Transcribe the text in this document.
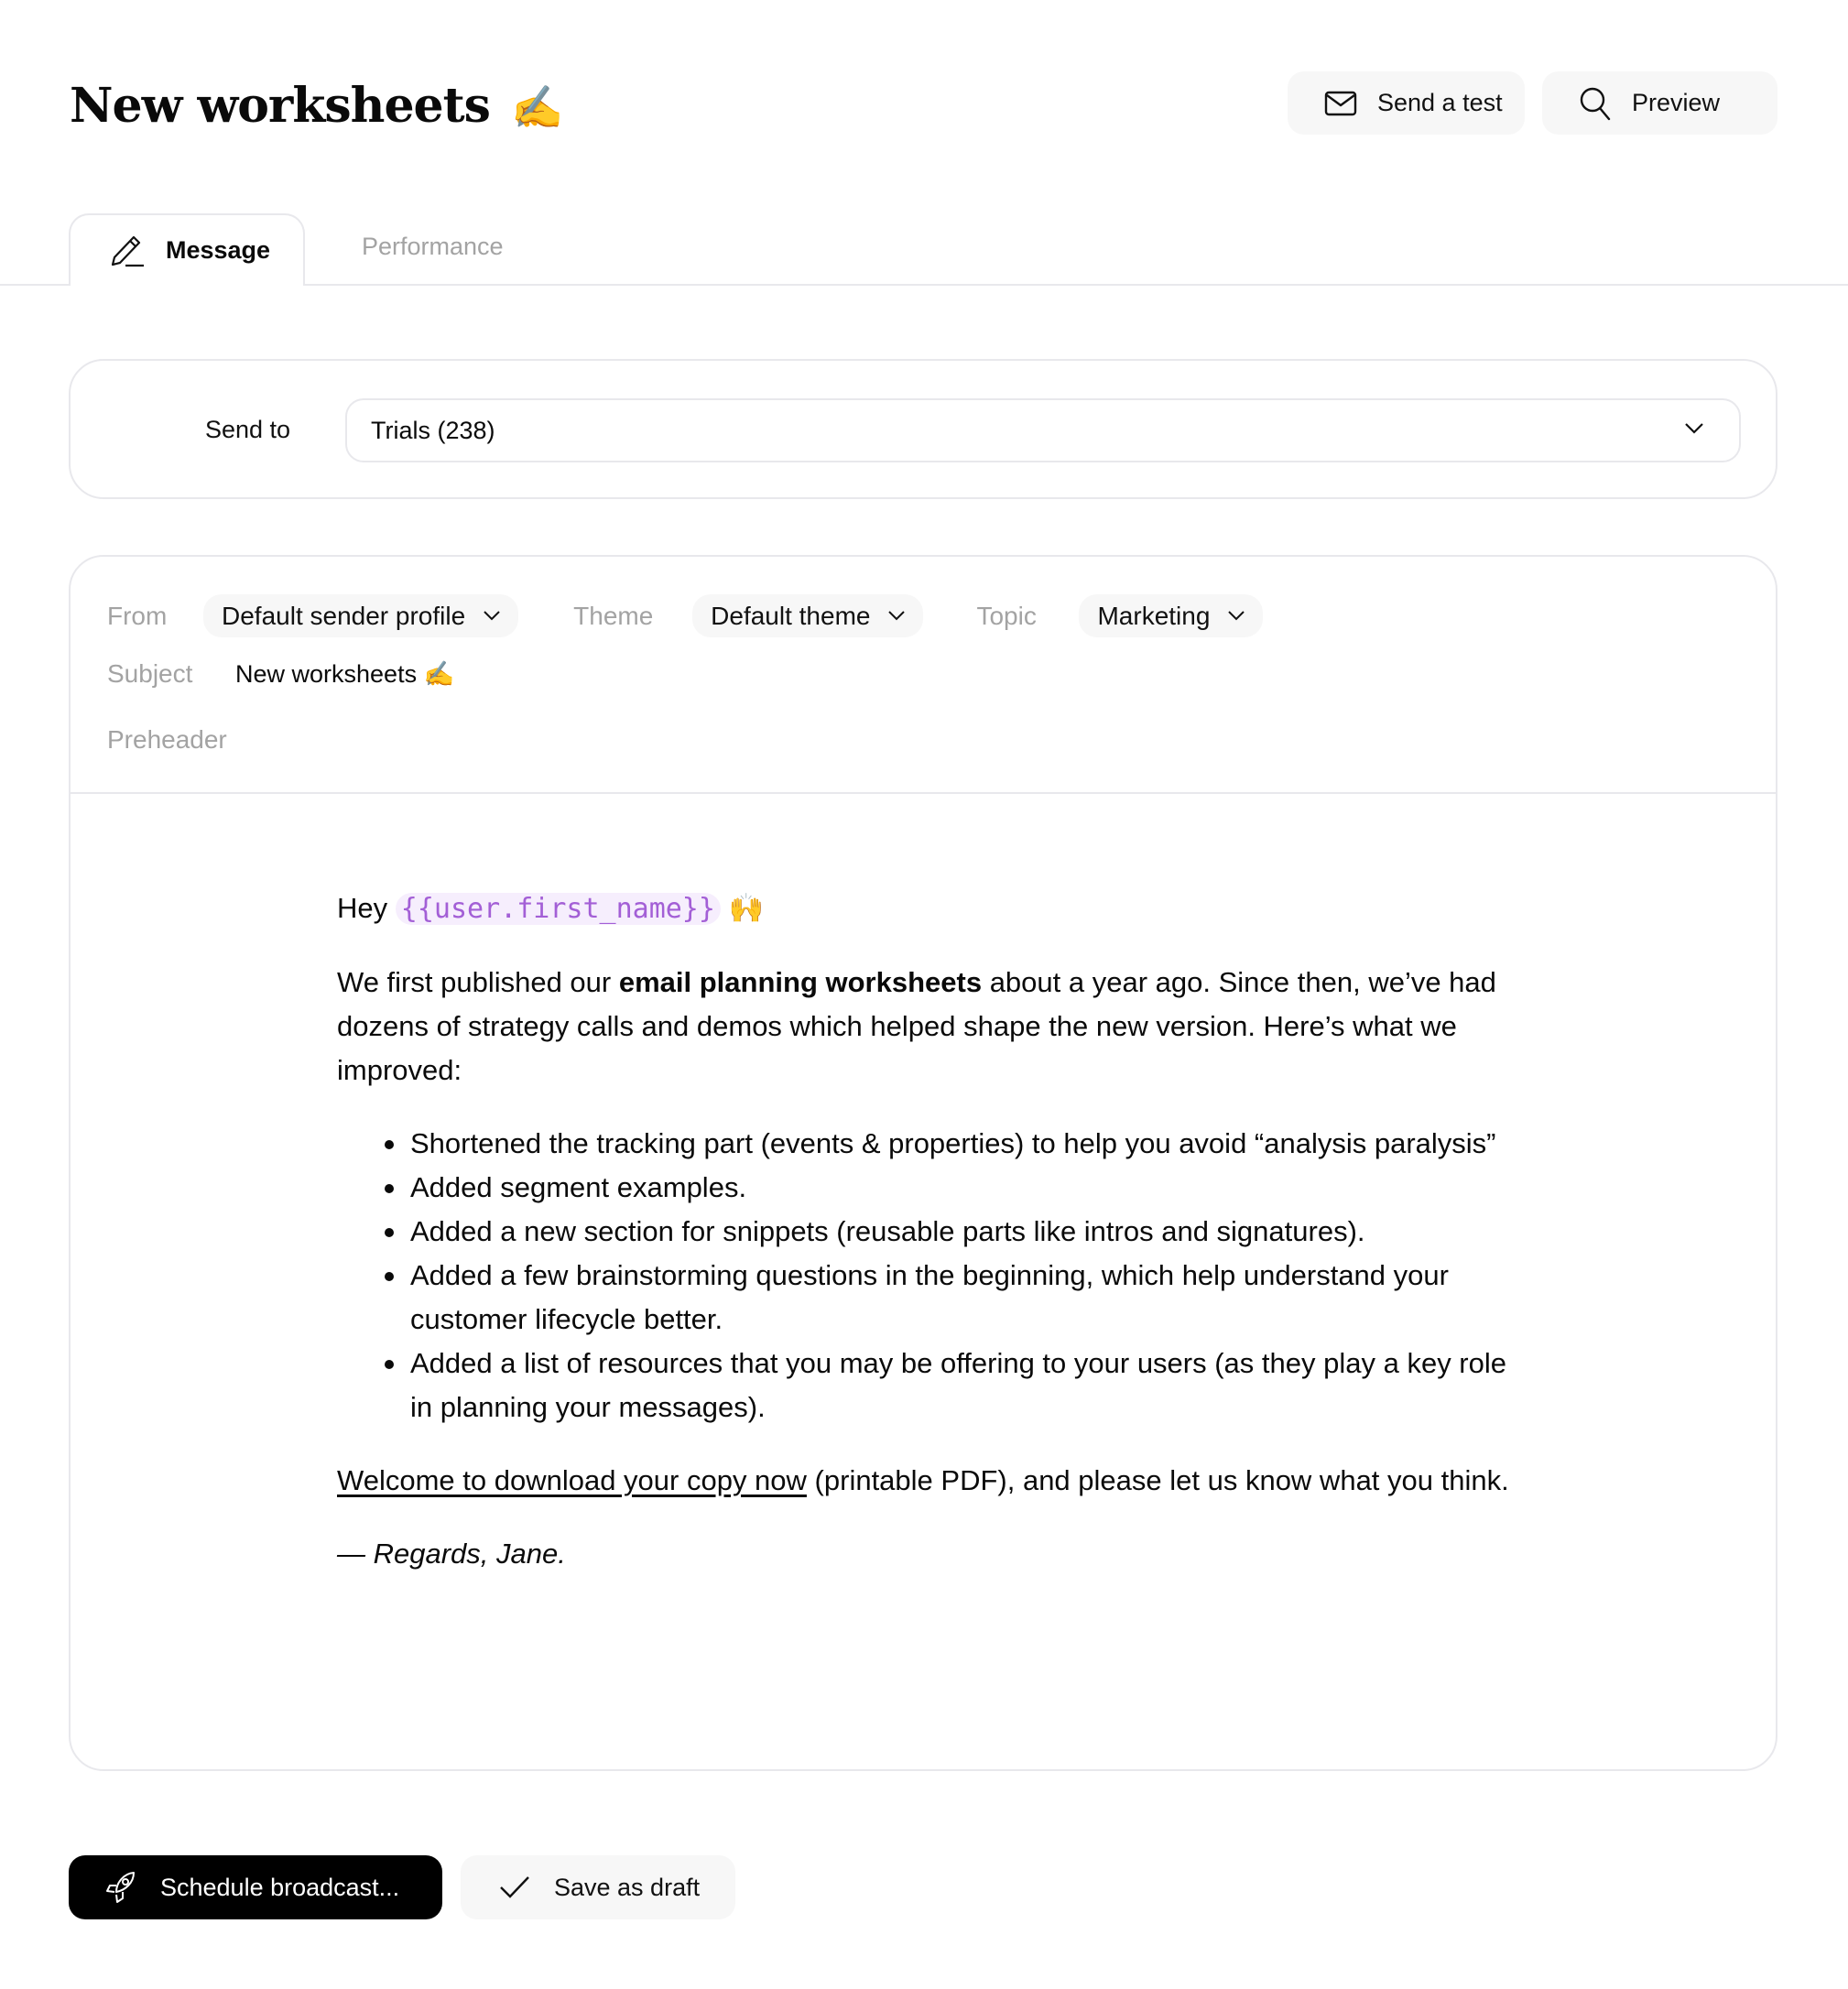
New worksheets ✍️	Send a test	Preview
Message	Performance
Send to	Trials (238)
From	Default sender profile	Theme	Default theme	Topic	Marketing
Subject	New worksheets ✍️
Preheader

Hey {{user.first_name}} 🙌

We first published our email planning worksheets about a year ago. Since then, we’ve had dozens of strategy calls and demos which helped shape the new version. Here’s what we improved:

Shortened the tracking part (events & properties) to help you avoid “analysis paralysis”
Added segment examples.
Added a new section for snippets (reusable parts like intros and signatures).
Added a few brainstorming questions in the beginning, which help understand your customer lifecycle better.
Added a list of resources that you may be offering to your users (as they play a key role in planning your messages).

Welcome to download your copy now (printable PDF), and please let us know what you think.

— Regards, Jane.

Schedule broadcast...	Save as draft
